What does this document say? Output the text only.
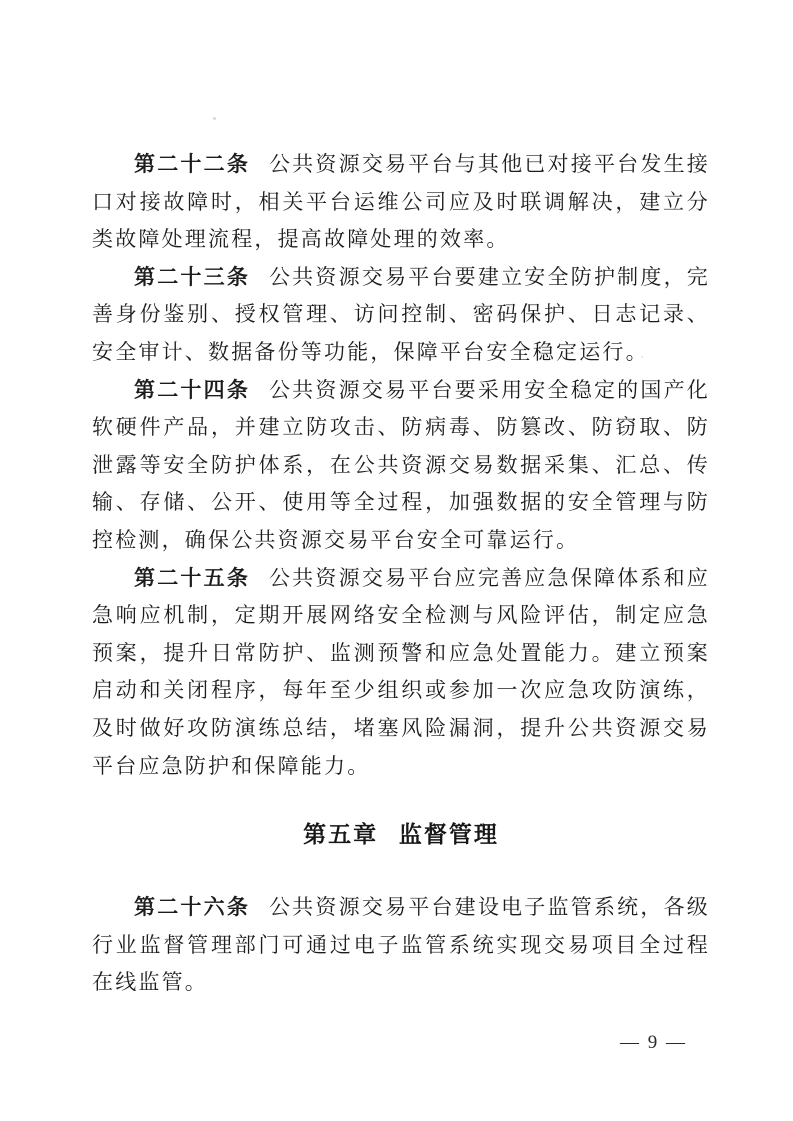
第二十二条 公共资源交易平台与其他已对接平台发生接口对接故障时，相关平台运维公司应及时联调解决，建立分类故障处理流程，提高故障处理的效率。

第二十三条 公共资源交易平台要建立安全防护制度，完善身份鉴别、授权管理、访问控制、密码保护、日志记录、安全审计、数据备份等功能，保障平台安全稳定运行。

第二十四条 公共资源交易平台要采用安全稳定的国产化软硬件产品，并建立防攻击、防病毒、防篡改、防窃取、防泄露等安全防护体系，在公共资源交易数据采集、汇总、传输、存储、公开、使用等全过程，加强数据的安全管理与防控检测，确保公共资源交易平台安全可靠运行。

第二十五条 公共资源交易平台应完善应急保障体系和应急响应机制，定期开展网络安全检测与风险评估，制定应急预案，提升日常防护、监测预警和应急处置能力。建立预案启动和关闭程序，每年至少组织或参加一次应急攻防演练，及时做好攻防演练总结，堵塞风险漏洞，提升公共资源交易平台应急防护和保障能力。

第五章 监督管理

第二十六条 公共资源交易平台建设电子监管系统，各级行业监督管理部门可通过电子监管系统实现交易项目全过程在线监管。

— 9 —
